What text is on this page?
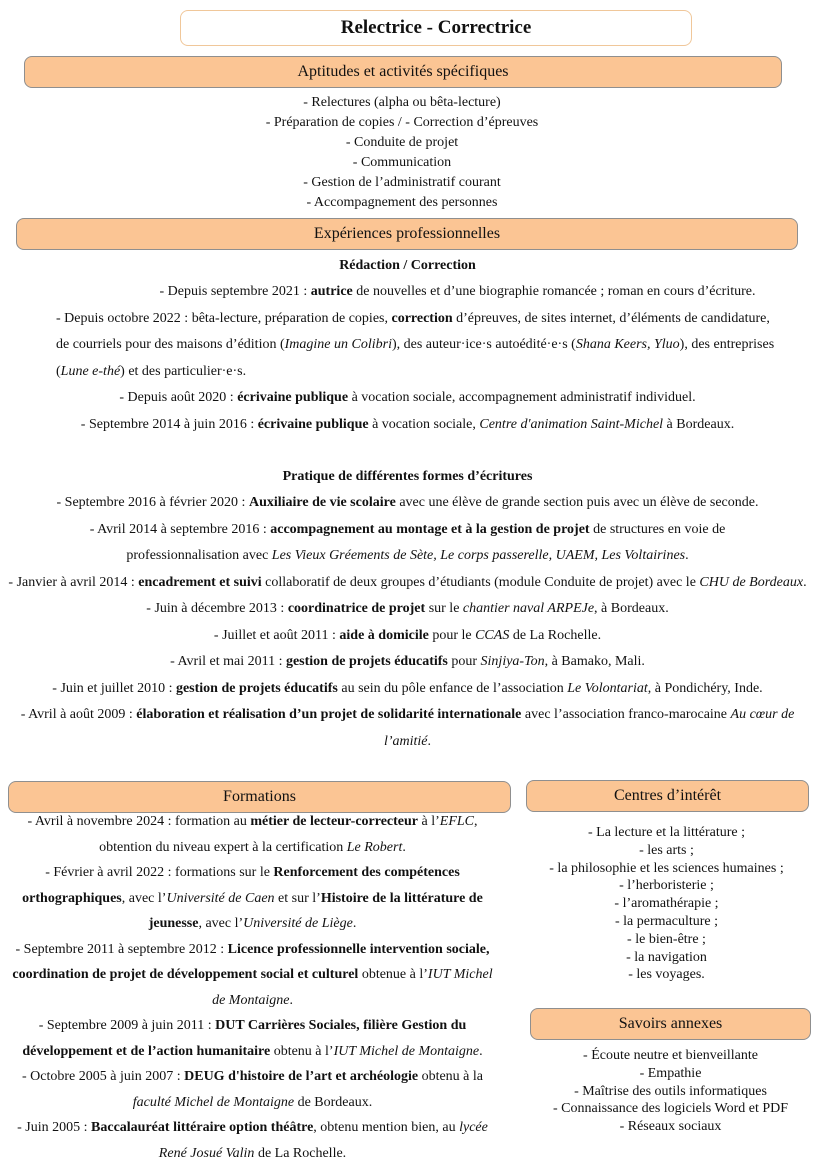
Relectrice - Correctrice
Aptitudes et activités spécifiques

- Relectures (alpha ou bêta-lecture)

- Préparation de copies / - Correction d’épreuves

- Conduite de projet

- Communication

- Gestion de l’administratif courant

- Accompagnement des personnes

Expériences professionnelles

Rédaction / Correction

- Depuis septembre 2021 : autrice de nouvelles et d’une biographie romancée ; roman en cours d’écriture.

- Depuis octobre 2022 : bêta-lecture, préparation de copies, correction d’épreuves, de sites internet, d’éléments de candidature, de courriels pour des maisons d’édition (Imagine un Colibri), des auteur·ice·s autoédité·e·s (Shana Keers, Yluo), des entreprises (Lune e-thé) et des particulier·e·s.

- Depuis août 2020 : écrivaine publique à vocation sociale, accompagnement administratif individuel.

- Septembre 2014 à juin 2016 : écrivaine publique à vocation sociale, Centre d'animation Saint-Michel à Bordeaux.

Pratique de différentes formes d’écritures

- Septembre 2016 à février 2020 : Auxiliaire de vie scolaire avec une élève de grande section puis avec un élève de seconde.

- Avril 2014 à septembre 2016 : accompagnement au montage et à la gestion de projet de structures en voie de professionnalisation avec Les Vieux Gréements de Sète, Le corps passerelle, UAEM, Les Voltairines.

- Janvier à avril 2014 : encadrement et suivi collaboratif de deux groupes d’étudiants (module Conduite de projet) avec le CHU de Bordeaux.

- Juin à décembre 2013 : coordinatrice de projet sur le chantier naval ARPEJe, à Bordeaux.

- Juillet et août 2011 : aide à domicile pour le CCAS de La Rochelle.

- Avril et mai 2011 : gestion de projets éducatifs pour Sinjiya-Ton, à Bamako, Mali.

- Juin et juillet 2010 : gestion de projets éducatifs au sein du pôle enfance de l’association Le Volontariat, à Pondichéry, Inde.

- Avril à août 2009 : élaboration et réalisation d’un projet de solidarité internationale avec l’association franco-marocaine Au cœur de l’amitié.

Formations

- Avril à novembre 2024 : formation au métier de lecteur-correcteur à l’EFLC, obtention du niveau expert à la certification Le Robert.

- Février à avril 2022 : formations sur le Renforcement des compétences orthographiques, avec l’Université de Caen et sur l’Histoire de la littérature de jeunesse, avec l’Université de Liège.

- Septembre 2011 à septembre 2012 : Licence professionnelle intervention sociale, coordination de projet de développement social et culturel obtenue à l’IUT Michel de Montaigne.

- Septembre 2009 à juin 2011 : DUT Carrières Sociales, filière Gestion du développement et de l’action humanitaire obtenu à l’IUT Michel de Montaigne.

- Octobre 2005 à juin 2007 : DEUG d'histoire de l’art et archéologie obtenu à la faculté Michel de Montaigne de Bordeaux.

- Juin 2005 : Baccalauréat littéraire option théâtre, obtenu mention bien, au lycée René Josué Valin de La Rochelle.

Centres d’intérêt

- La lecture et la littérature ;

- les arts ;

- la philosophie et les sciences humaines ;

- l’herboristerie ;

- l’aromathérapie ;

- la permaculture ;

- le bien-être ;

- la navigation

- les voyages.

Savoirs annexes

- Écoute neutre et bienveillante

- Empathie

- Maîtrise des outils informatiques

- Connaissance des logiciels Word et PDF

- Réseaux sociaux
